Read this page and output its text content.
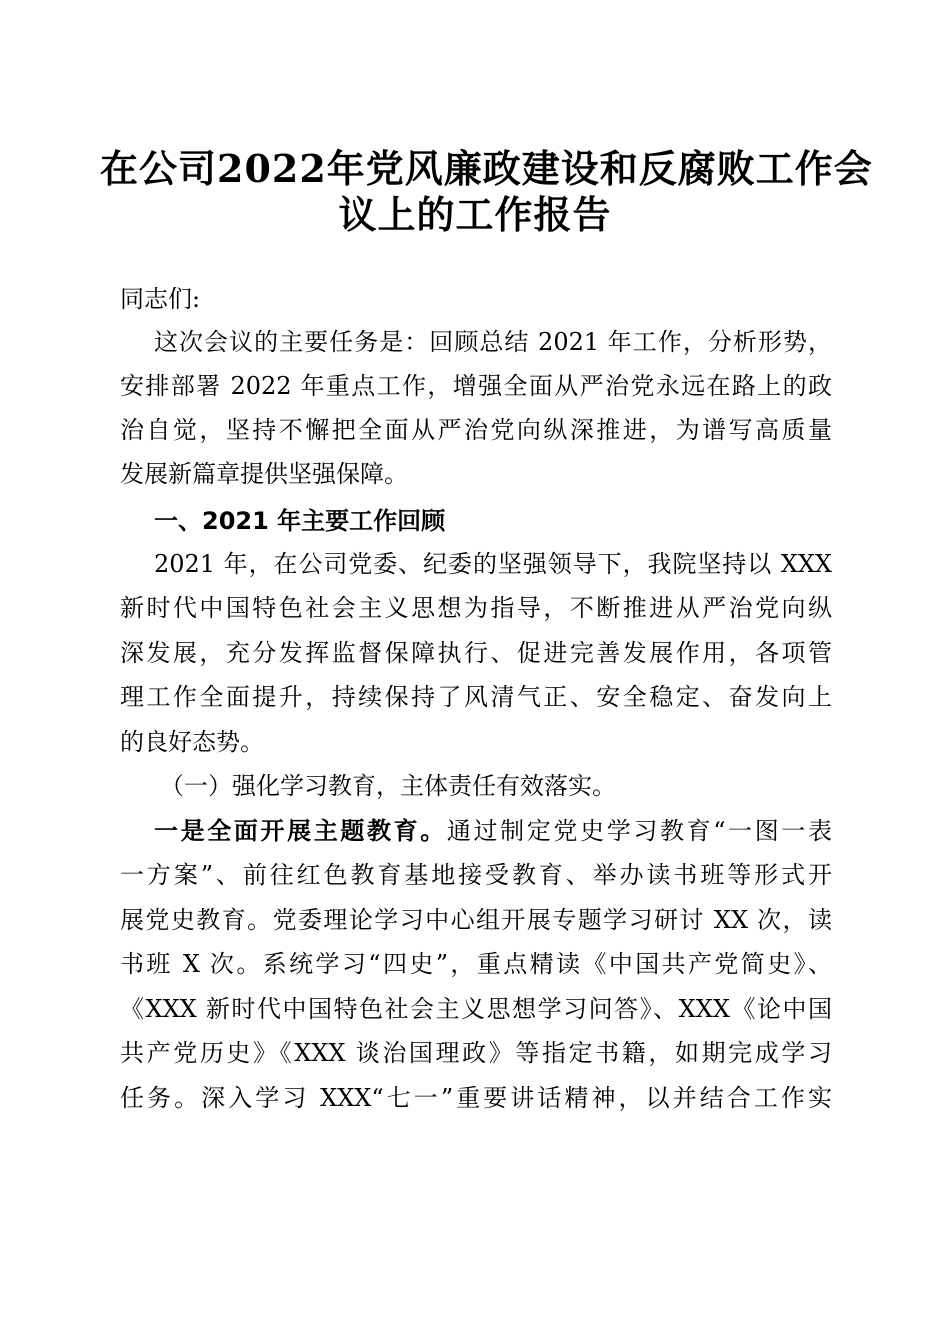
在公司2022年党风廉政建设和反腐败工作会
议上的工作报告
同志们:
这次会议的主要任务是：回顾总结 2021 年工作，分析形势，
安排部署 2022 年重点工作，增强全面从严治党永远在路上的政
治自觉，坚持不懈把全面从严治党向纵深推进，为谱写高质量
发展新篇章提供坚强保障。
一、2021 年主要工作回顾
2021 年，在公司党委、纪委的坚强领导下，我院坚持以 XXX
新时代中国特色社会主义思想为指导，不断推进从严治党向纵
深发展，充分发挥监督保障执行、促进完善发展作用，各项管
理工作全面提升，持续保持了风清气正、安全稳定、奋发向上
的良好态势。
（一）强化学习教育，主体责任有效落实。
一是全面开展主题教育。通过制定党史学习教育“一图一表
一方案”、前往红色教育基地接受教育、举办读书班等形式开
展党史教育。党委理论学习中心组开展专题学习研讨 XX 次，读
书班 X 次。系统学习“四史”，重点精读《中国共产党简史》、
《XXX 新时代中国特色社会主义思想学习问答》、XXX《论中国
共产党历史》《XXX 谈治国理政》等指定书籍，如期完成学习
任务。深入学习 XXX“七一”重要讲话精神，以并结合工作实
